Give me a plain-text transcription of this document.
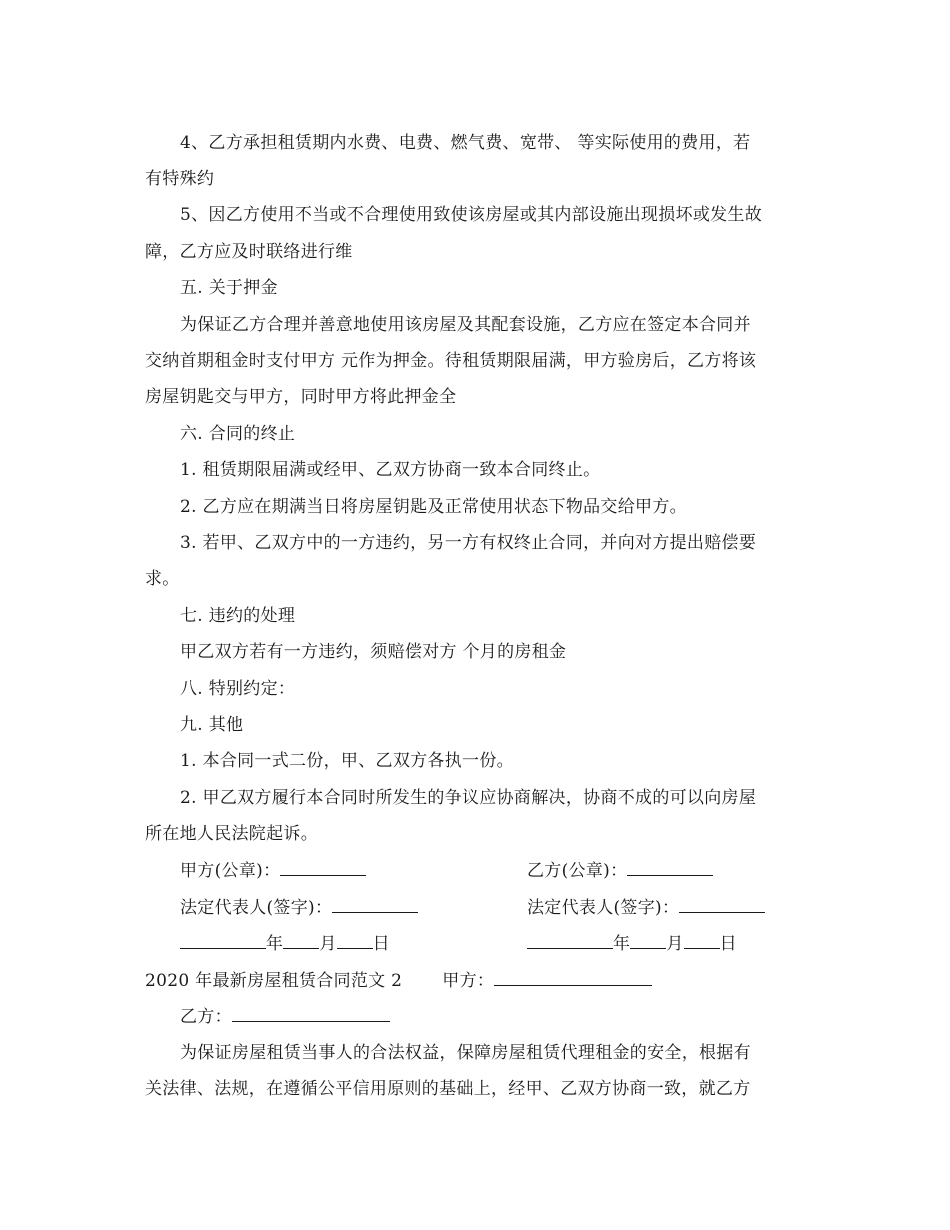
4、乙方承担租赁期内水费、电费、燃气费、宽带、 等实际使用的费用，若
有特殊约
5、因乙方使用不当或不合理使用致使该房屋或其内部设施出现损坏或发生故
障，乙方应及时联络进行维
五. 关于押金
为保证乙方合理并善意地使用该房屋及其配套设施，乙方应在签定本合同并
交纳首期租金时支付甲方 元作为押金。待租赁期限届满，甲方验房后，乙方将该
房屋钥匙交与甲方，同时甲方将此押金全
六. 合同的终止
1. 租赁期限届满或经甲、乙双方协商一致本合同终止。
2. 乙方应在期满当日将房屋钥匙及正常使用状态下物品交给甲方。
3. 若甲、乙双方中的一方违约，另一方有权终止合同，并向对方提出赔偿要
求。
七. 违约的处理
甲乙双方若有一方违约，须赔偿对方 个月的房租金
八. 特别约定：
九. 其他
1. 本合同一式二份，甲、乙双方各执一份。
2. 甲乙双方履行本合同时所发生的争议应协商解决，协商不成的可以向房屋
所在地人民法院起诉。
甲方(公章)：	乙方(公章)：
法定代表人(签字)：	法定代表人(签字)：
年 月 日	年 月 日
2020 年最新房屋租赁合同范文 2 甲方：
乙方：
为保证房屋租赁当事人的合法权益，保障房屋租赁代理租金的安全，根据有
关法律、法规，在遵循公平信用原则的基础上，经甲、乙双方协商一致，就乙方
